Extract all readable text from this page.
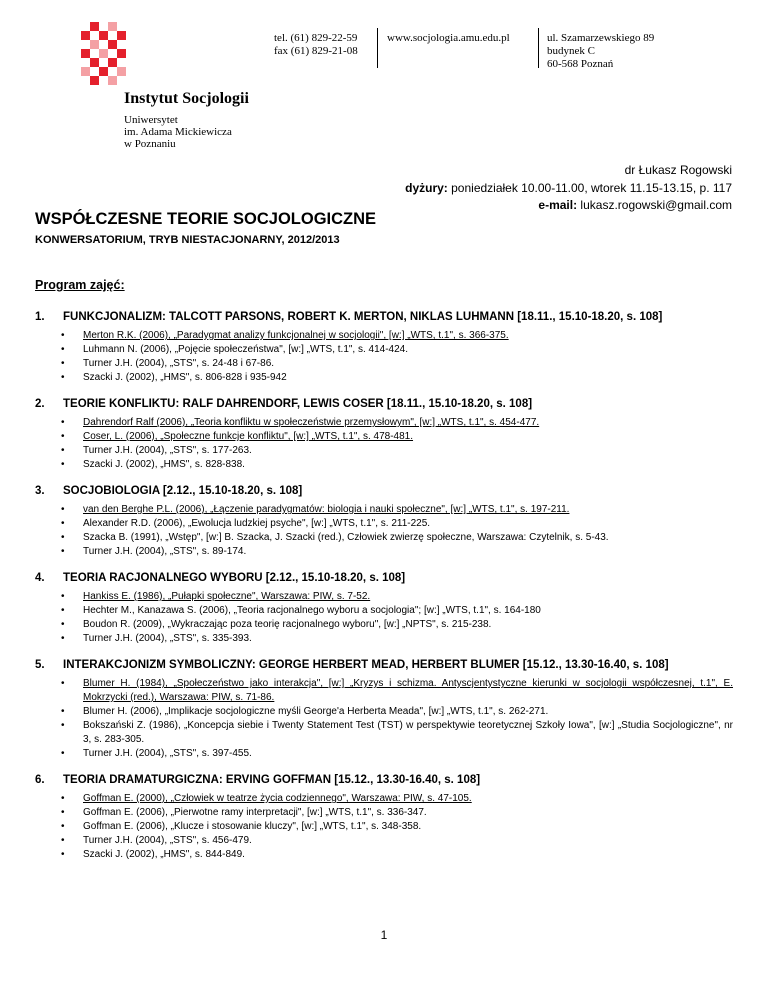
tel. (61) 829-22-59
fax (61) 829-21-08
www.socjologia.amu.edu.pl	ul. Szamarzewskiego 89
budynek C
60-568 Poznań
Instytut Socjologii
Uniwersytet
im. Adama Mickiewicza
w Poznaniu
dr Łukasz Rogowski
dyżury: poniedziałek 10.00-11.00, wtorek 11.15-13.15, p. 117
e-mail: lukasz.rogowski@gmail.com
WSPÓŁCZESNE TEORIE SOCJOLOGICZNE
KONWERSATORIUM, TRYB NIESTACJONARNY, 2012/2013
Program zajęć:
1.	FUNKCJONALIZM: TALCOTT PARSONS, ROBERT K. MERTON, NIKLAS LUHMANN [18.11., 15.10-18.20, s. 108]
• Merton R.K. (2006), „Paradygmat analizy funkcjonalnej w socjologii", [w:] „WTS, t.1", s. 366-375.
• Luhmann N. (2006), „Pojęcie społeczeństwa", [w:] „WTS, t.1", s. 414-424.
• Turner J.H. (2004), „STS", s. 24-48 i 67-86.
• Szacki J. (2002), „HMS", s. 806-828 i 935-942
2.	TEORIE KONFLIKTU: RALF DAHRENDORF, LEWIS COSER [18.11., 15.10-18.20, s. 108]
• Dahrendorf Ralf (2006), „Teoria konfliktu w społeczeństwie przemysłowym", [w:] „WTS, t.1", s. 454-477.
• Coser, L. (2006), „Społeczne funkcje konfliktu", [w:] „WTS, t.1", s. 478-481.
• Turner J.H. (2004), „STS", s. 177-263.
• Szacki J. (2002), „HMS", s. 828-838.
3.	SOCJOBIOLOGIA [2.12., 15.10-18.20, s. 108]
• van den Berghe P.L. (2006), „Łączenie paradygmatów: biologia i nauki społeczne", [w:] „WTS, t.1", s. 197-211.
• Alexander R.D. (2006), „Ewolucja ludzkiej psyche", [w:] „WTS, t.1", s. 211-225.
• Szacka B. (1991), „Wstęp", [w:] B. Szacka, J. Szacki (red.), Człowiek zwierzę społeczne, Warszawa: Czytelnik, s. 5-43.
• Turner J.H. (2004), „STS", s. 89-174.
4.	TEORIA RACJONALNEGO WYBORU [2.12., 15.10-18.20, s. 108]
• Hankiss E. (1986), „Pułapki społeczne", Warszawa: PIW, s. 7-52.
• Hechter M., Kanazawa S. (2006), „Teoria racjonalnego wyboru a socjologia"; [w:] „WTS, t.1", s. 164-180
• Boudon R. (2009), „Wykraczając poza teorię racjonalnego wyboru", [w:] „NPTS", s. 215-238.
• Turner J.H. (2004), „STS", s. 335-393.
5.	INTERAKCJONIZM SYMBOLICZNY: GEORGE HERBERT MEAD, HERBERT BLUMER [15.12., 13.30-16.40, s. 108]
• Blumer H. (1984), „Społeczeństwo jako interakcja", [w:] „Kryzys i schizma. Antyscjentystyczne kierunki w socjologii współczesnej, t.1", E. Mokrzycki (red.), Warszawa: PIW, s. 71-86.
• Blumer H. (2006), „Implikacje socjologiczne myśli George'a Herberta Meada", [w:] „WTS, t.1", s. 262-271.
• Bokszański Z. (1986), „Koncepcja siebie i Twenty Statement Test (TST) w perspektywie teoretycznej Szkoły Iowa", [w:] „Studia Socjologiczne", nr 3, s. 283-305.
• Turner J.H. (2004), „STS", s. 397-455.
6.	TEORIA DRAMATURGICZNA: ERVING GOFFMAN [15.12., 13.30-16.40, s. 108]
• Goffman E. (2000), „Człowiek w teatrze życia codziennego", Warszawa: PIW, s. 47-105.
• Goffman E. (2006), „Pierwotne ramy interpretacji", [w:] „WTS, t.1", s. 336-347.
• Goffman E. (2006), „Klucze i stosowanie kluczy", [w:] „WTS, t.1", s. 348-358.
• Turner J.H. (2004), „STS", s. 456-479.
• Szacki J. (2002), „HMS", s. 844-849.
1
